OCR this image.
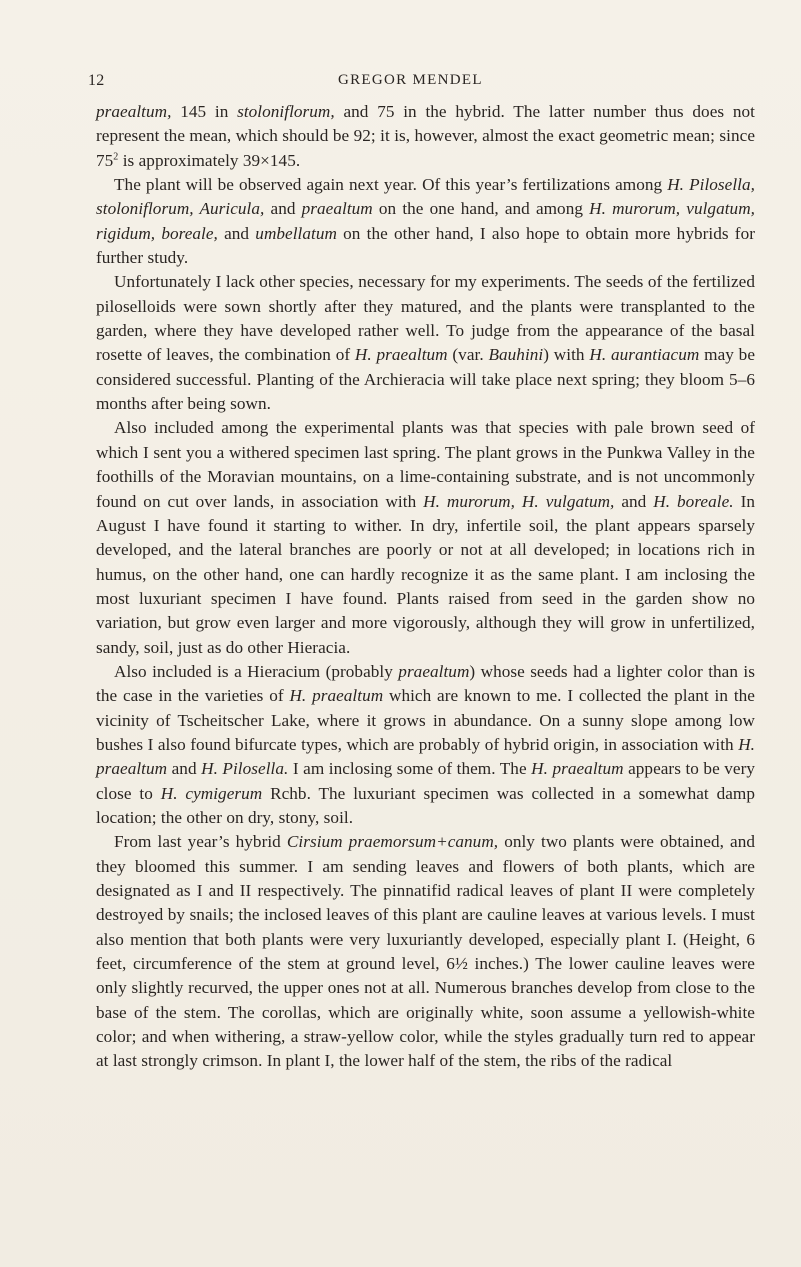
12	GREGOR MENDEL

praealtum, 145 in stoloniflorum, and 75 in the hybrid. The latter number thus does not represent the mean, which should be 92; it is, however, almost the exact geometric mean; since $75^2$ is approximately 39×145.

The plant will be observed again next year. Of this year’s fertilizations among H. Pilosella, stoloniflorum, Auricula, and praealtum on the one hand, and among H. murorum, vulgatum, rigidum, boreale, and umbellatum on the other hand, I also hope to obtain more hybrids for further study.

Unfortunately I lack other species, necessary for my experiments. The seeds of the fertilized piloselloids were sown shortly after they matured, and the plants were transplanted to the garden, where they have developed rather well. To judge from the appearance of the basal rosette of leaves, the combination of H. praealtum (var. Bauhini) with H. aurantiacum may be considered successful. Planting of the Archieracia will take place next spring; they bloom 5–6 months after being sown.

Also included among the experimental plants was that species with pale brown seed of which I sent you a withered specimen last spring. The plant grows in the Punkwa Valley in the foothills of the Moravian mountains, on a lime-containing substrate, and is not uncommonly found on cut over lands, in association with H. murorum, H. vulgatum, and H. boreale. In August I have found it starting to wither. In dry, infertile soil, the plant appears sparsely developed, and the lateral branches are poorly or not at all developed; in locations rich in humus, on the other hand, one can hardly recognize it as the same plant. I am inclosing the most luxuriant specimen I have found. Plants raised from seed in the garden show no variation, but grow even larger and more vigorously, although they will grow in unfertilized, sandy, soil, just as do other Hieracia.

Also included is a Hieracium (probably praealtum) whose seeds had a lighter color than is the case in the varieties of H. praealtum which are known to me. I collected the plant in the vicinity of Tscheitscher Lake, where it grows in abundance. On a sunny slope among low bushes I also found bifurcate types, which are probably of hybrid origin, in association with H. praealtum and H. Pilosella. I am inclosing some of them. The H. praealtum appears to be very close to H. cymigerum Rchb. The luxuriant specimen was collected in a somewhat damp location; the other on dry, stony, soil.

From last year’s hybrid Cirsium praemorsum+canum, only two plants were obtained, and they bloomed this summer. I am sending leaves and flowers of both plants, which are designated as I and II respectively. The pinnatifid radical leaves of plant II were completely destroyed by snails; the inclosed leaves of this plant are cauline leaves at various levels. I must also mention that both plants were very luxuriantly developed, especially plant I. (Height, 6 feet, circumference of the stem at ground level, 6½ inches.) The lower cauline leaves were only slightly recurved, the upper ones not at all. Numerous branches develop from close to the base of the stem. The corollas, which are originally white, soon assume a yellowish-white color; and when withering, a straw-yellow color, while the styles gradually turn red to appear at last strongly crimson. In plant I, the lower half of the stem, the ribs of the radical
